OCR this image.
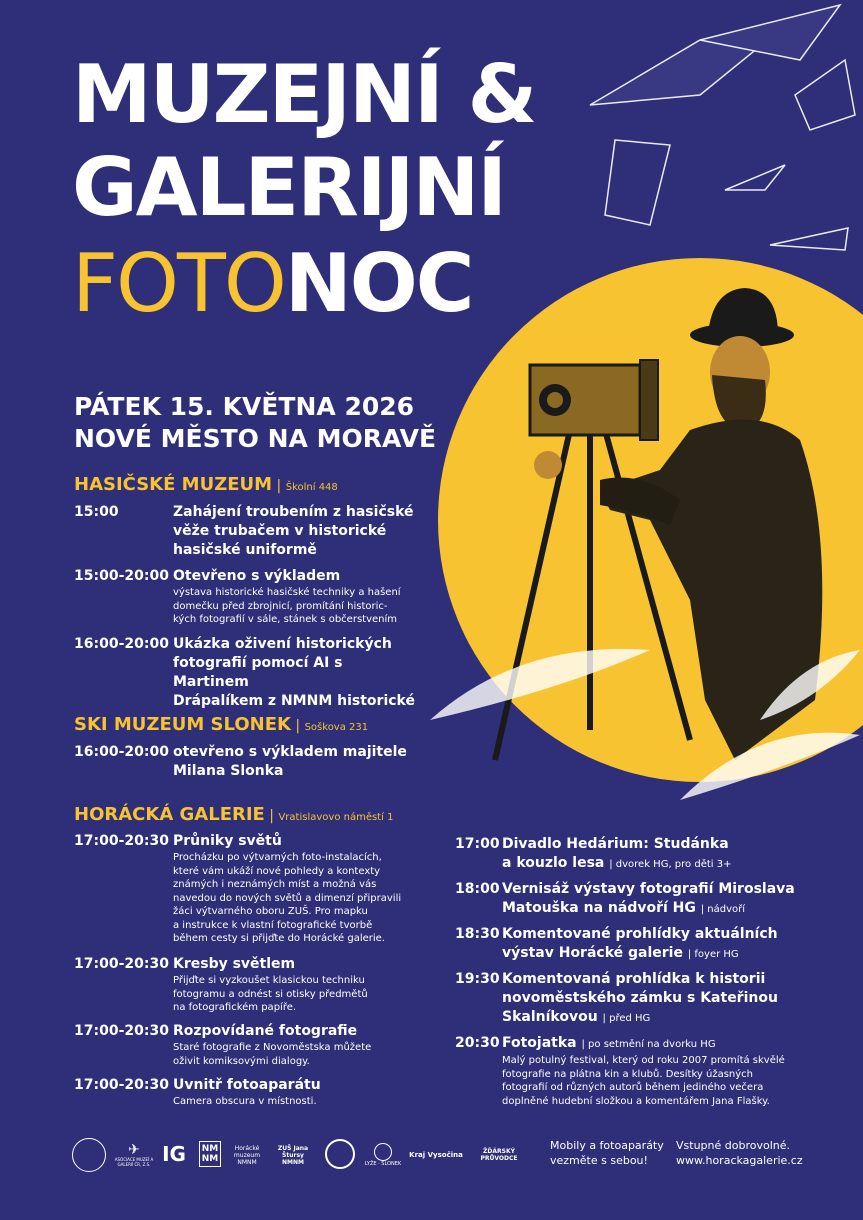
MUZEJNÍ &
GALERIJNÍ
FOTONOC
PÁTEK 15. KVĚTNA 2026
NOVÉ MĚSTO NA MORAVĚ
HASIČSKÉ MUZEUM | Školní 448
15:00	Zahájení troubením z hasičské
věže trubačem v historické
hasičské uniformě
15:00-20:00 Otevřeno s výkladem
výstava historické hasičské techniky a hašení
domečku před zbrojnicí, promítání historic-
kých fotografií v sále, stánek s občerstvením
16:00-20:00 Ukázka oživení historických
fotografií pomocí AI s Martinem
Drápalíkem z NMNM historické
SKI MUZEUM SLONEK | Soškova 231
16:00-20:00 otevřeno s výkladem majitele
Milana Slonka
HORÁCKÁ GALERIE | Vratislavovo náměstí 1
17:00-20:30 Průniky světů
Procházku po výtvarných foto-instalacích,
které vám ukáží nové pohledy a kontexty
známých i neznámých míst a možná vás
navedou do nových světů a dimenzí připravili
žáci výtvarného oboru ZUŠ. Pro mapku
a instrukce k vlastní fotografické tvorbě
během cesty si přijďte do Horácké galerie.
17:00-20:30 Kresby světlem
Přijďte si vyzkoušet klasickou techniku
fotogramu a odnést si otisky předmětů
na fotografickém papíře.
17:00-20:30 Rozpovídané fotografie
Staré fotografie z Novoměstska můžete
oživit komiksovými dialogy.
17:00-20:30 Uvnitř fotoaparátu
Camera obscura v místnosti.
17:00 Divadlo Hedárium: Studánka
a kouzlo lesa | dvorek HG, pro děti 3+
18:00 Vernisáž výstavy fotografií Miroslava
Matouška na nádvoří HG | nádvoří
18:30 Komentované prohlídky aktuálních
výstav Horácké galerie | foyer HG
19:30 Komentovaná prohlídka k historii
novoměstského zámku s Kateřinou
Skalníkovou | před HG
20:30 Fotojatka | po setmění na dvorku HG
Malý potulný festival, který od roku 2007 promítá skvělé
fotografie na plátna kin a klubů. Desítky úžasných
fotografií od různých autorů během jediného večera
doplněné hudební složkou a komentářem Jana Flašky.
✈
ASOCIACE MUZEÍ A GALERIÍ ČR, Z.S. IG	NM NM
Horácké muzeum NMNM
ZUŠ Jana Štursy NMNM	LYŽE · SLONEK
Kraj Vysočina	ŽĎÁRSKÝ PRŮVODCE
Mobily a fotoaparáty
vezměte s sebou!
Vstupné dobrovolné.
www.horackagalerie.cz
